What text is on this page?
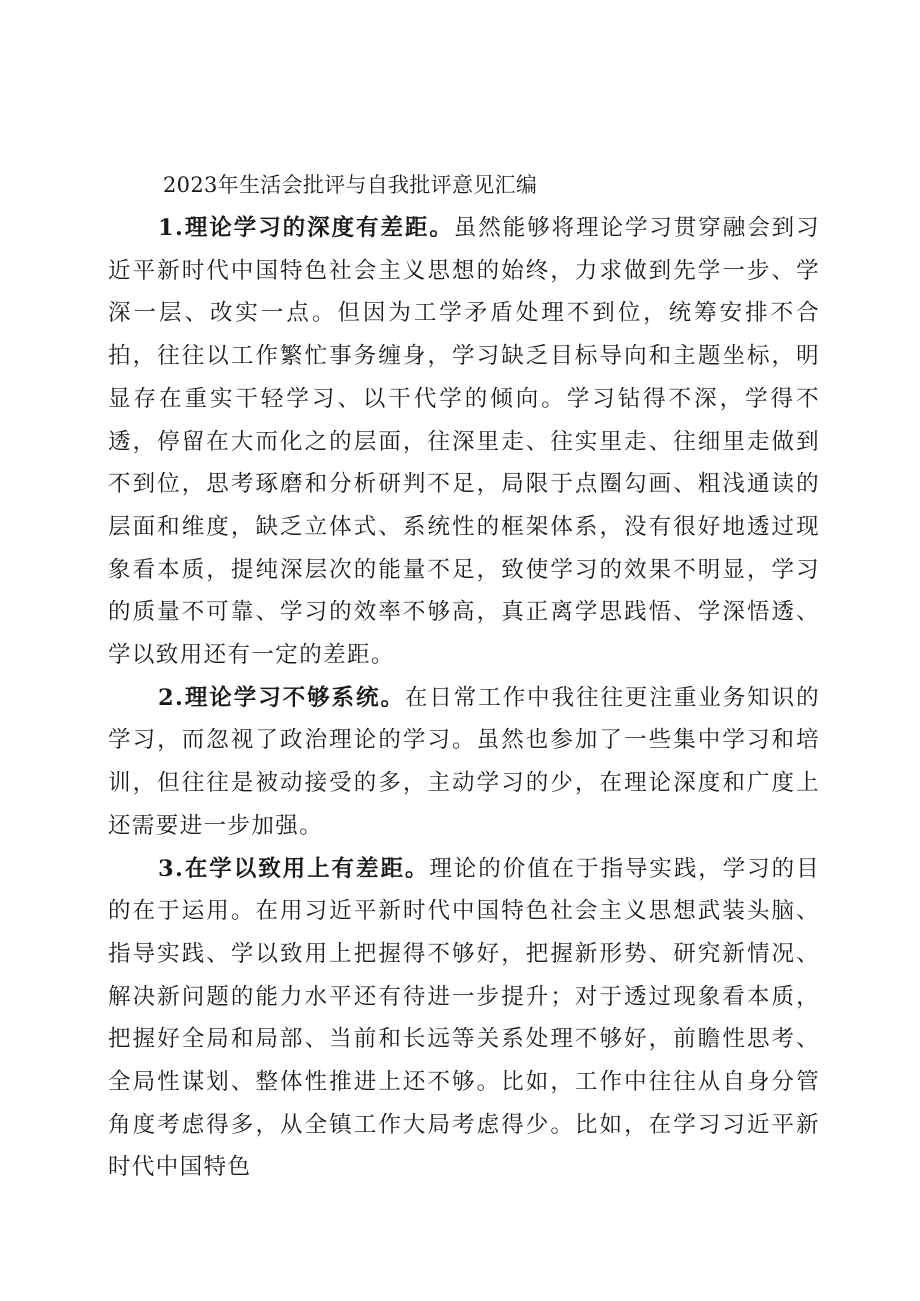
2023年生活会批评与自我批评意见汇编

1.理论学习的深度有差距。虽然能够将理论学习贯穿融会到习近平新时代中国特色社会主义思想的始终，力求做到先学一步、学深一层、改实一点。但因为工学矛盾处理不到位，统筹安排不合拍，往往以工作繁忙事务缠身，学习缺乏目标导向和主题坐标，明显存在重实干轻学习、以干代学的倾向。学习钻得不深，学得不透，停留在大而化之的层面，往深里走、往实里走、往细里走做到不到位，思考琢磨和分析研判不足，局限于点圈勾画、粗浅通读的层面和维度，缺乏立体式、系统性的框架体系，没有很好地透过现象看本质，提纯深层次的能量不足，致使学习的效果不明显，学习的质量不可靠、学习的效率不够高，真正离学思践悟、学深悟透、学以致用还有一定的差距。

2.理论学习不够系统。在日常工作中我往往更注重业务知识的学习，而忽视了政治理论的学习。虽然也参加了一些集中学习和培训，但往往是被动接受的多，主动学习的少，在理论深度和广度上还需要进一步加强。

3.在学以致用上有差距。理论的价值在于指导实践，学习的目的在于运用。在用习近平新时代中国特色社会主义思想武装头脑、指导实践、学以致用上把握得不够好，把握新形势、研究新情况、解决新问题的能力水平还有待进一步提升；对于透过现象看本质，把握好全局和局部、当前和长远等关系处理不够好，前瞻性思考、全局性谋划、整体性推进上还不够。比如，工作中往往从自身分管角度考虑得多，从全镇工作大局考虑得少。比如，在学习习近平新时代中国特色
